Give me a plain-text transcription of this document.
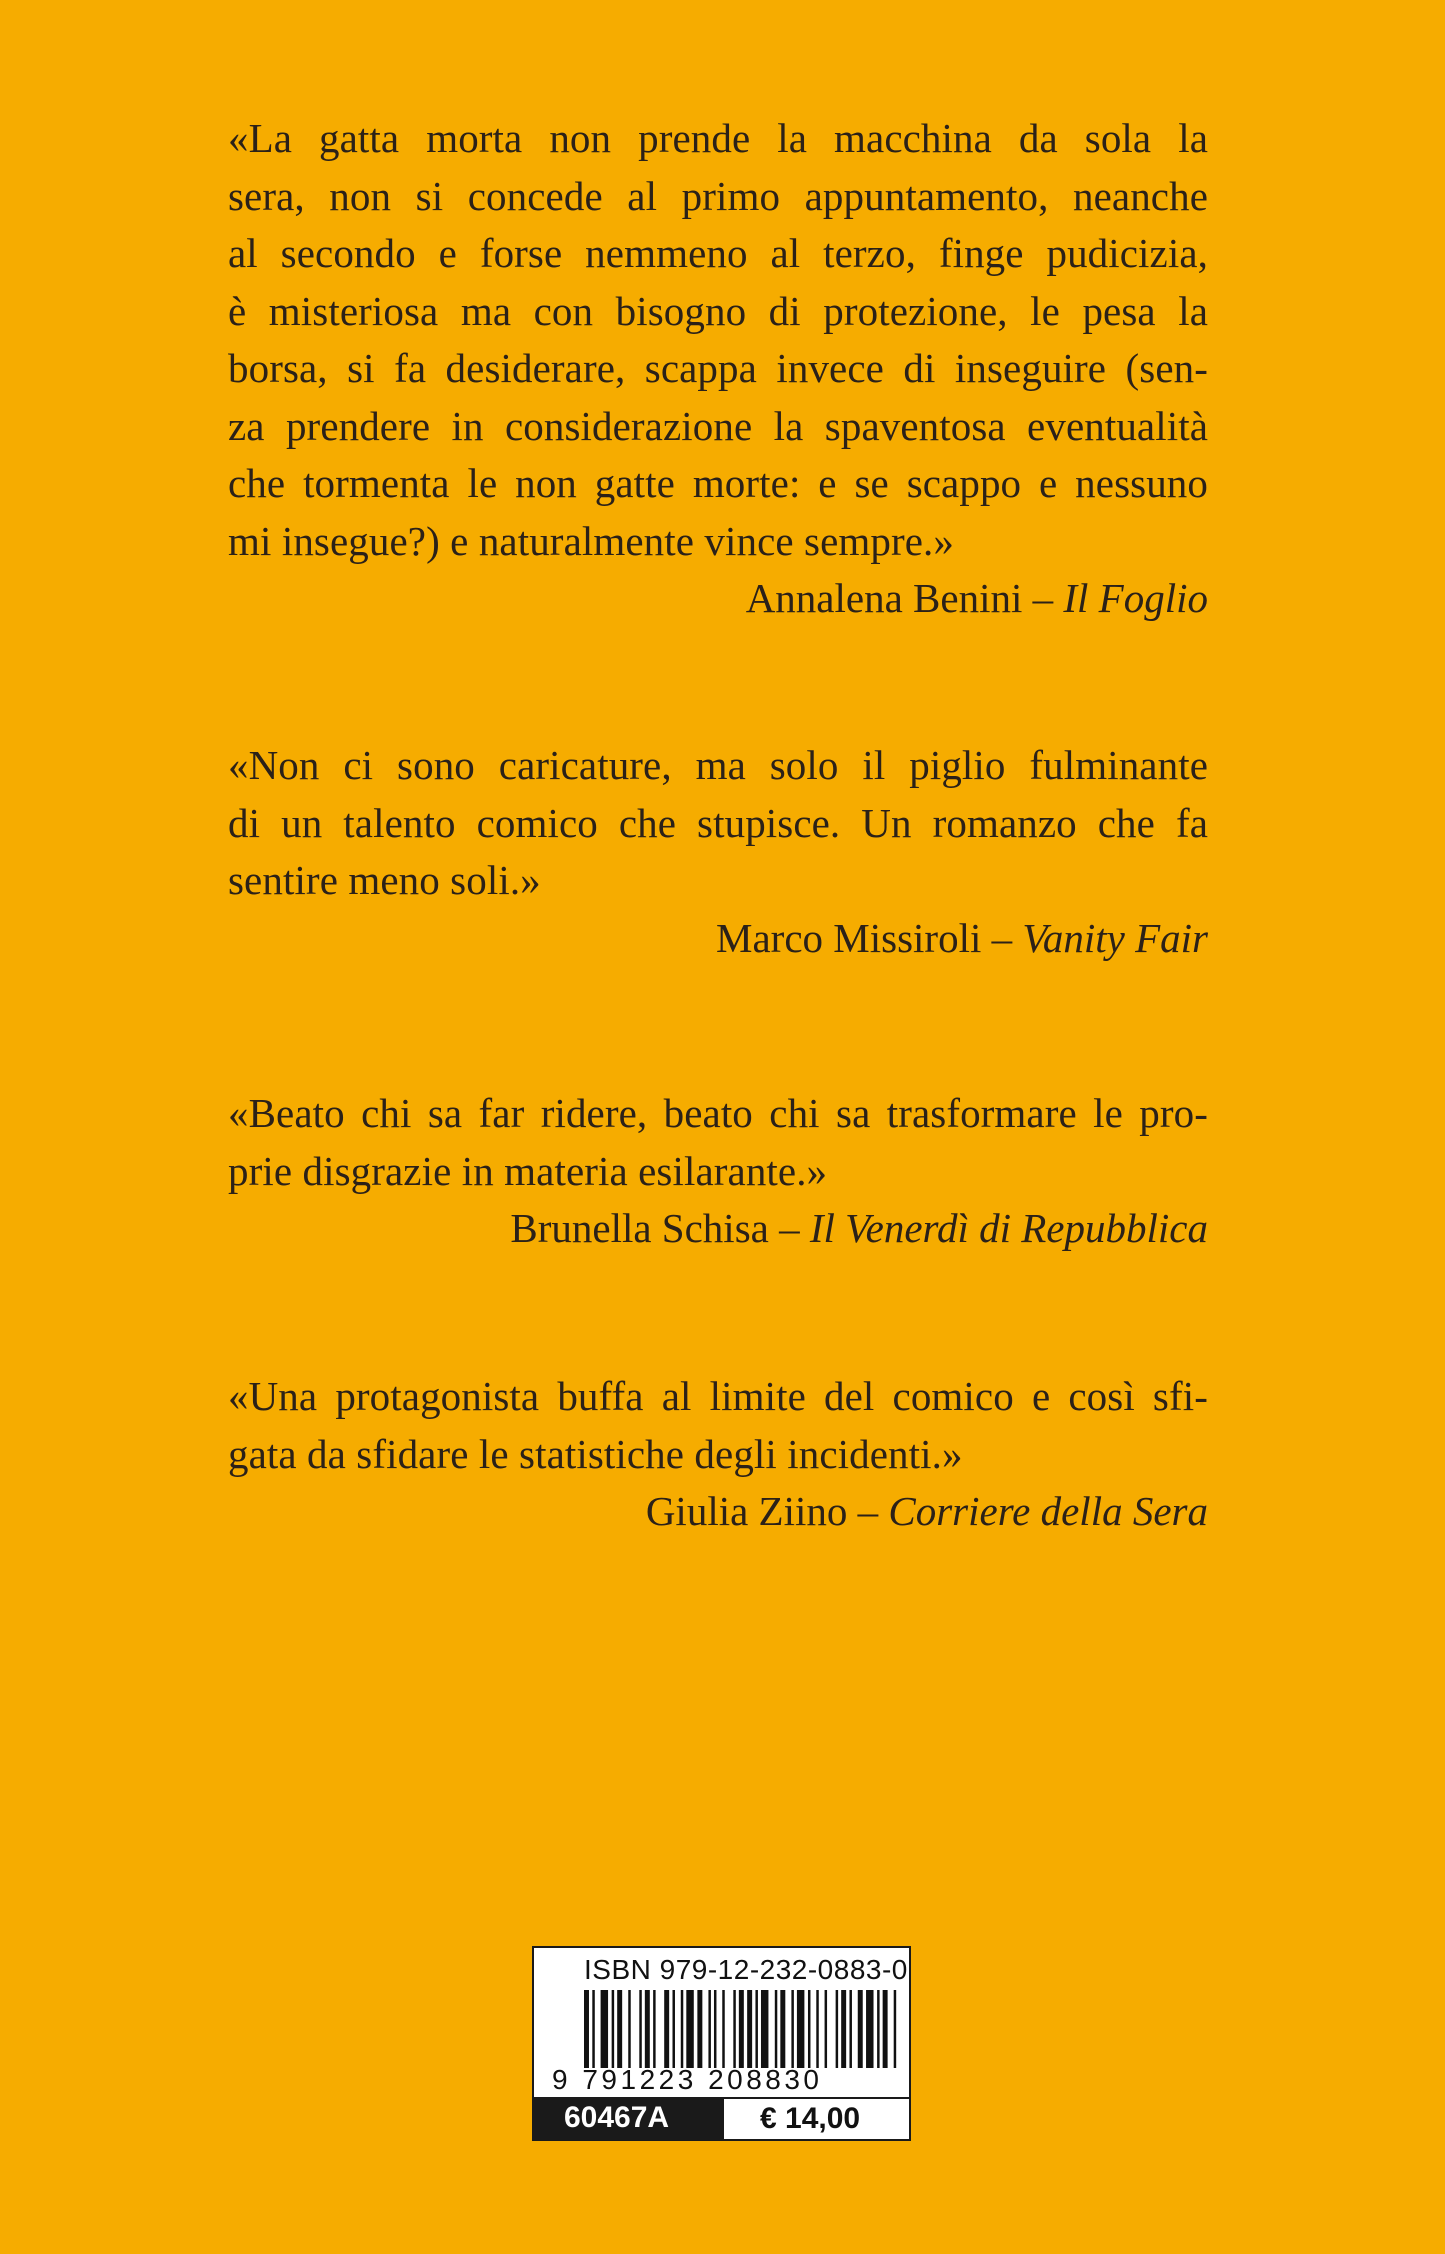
«La gatta morta non prende la macchina da sola la
sera, non si concede al primo appuntamento, neanche
al secondo e forse nemmeno al terzo, finge pudicizia,
è misteriosa ma con bisogno di protezione, le pesa la
borsa, si fa desiderare, scappa invece di inseguire (sen-
za prendere in considerazione la spaventosa eventualità
che tormenta le non gatte morte: e se scappo e nessuno
mi insegue?) e naturalmente vince sempre.»

Annalena Benini – Il Foglio

«Non ci sono caricature, ma solo il piglio fulminante
di un talento comico che stupisce. Un romanzo che fa
sentire meno soli.»

Marco Missiroli – Vanity Fair

«Beato chi sa far ridere, beato chi sa trasformare le pro-
prie disgrazie in materia esilarante.»

Brunella Schisa – Il Venerdì di Repubblica

«Una protagonista buffa al limite del comico e così sfi-
gata da sfidare le statistiche degli incidenti.»

Giulia Ziino – Corriere della Sera

ISBN 979-12-232-0883-0
9 791223 208830
60467A	€ 14,00
